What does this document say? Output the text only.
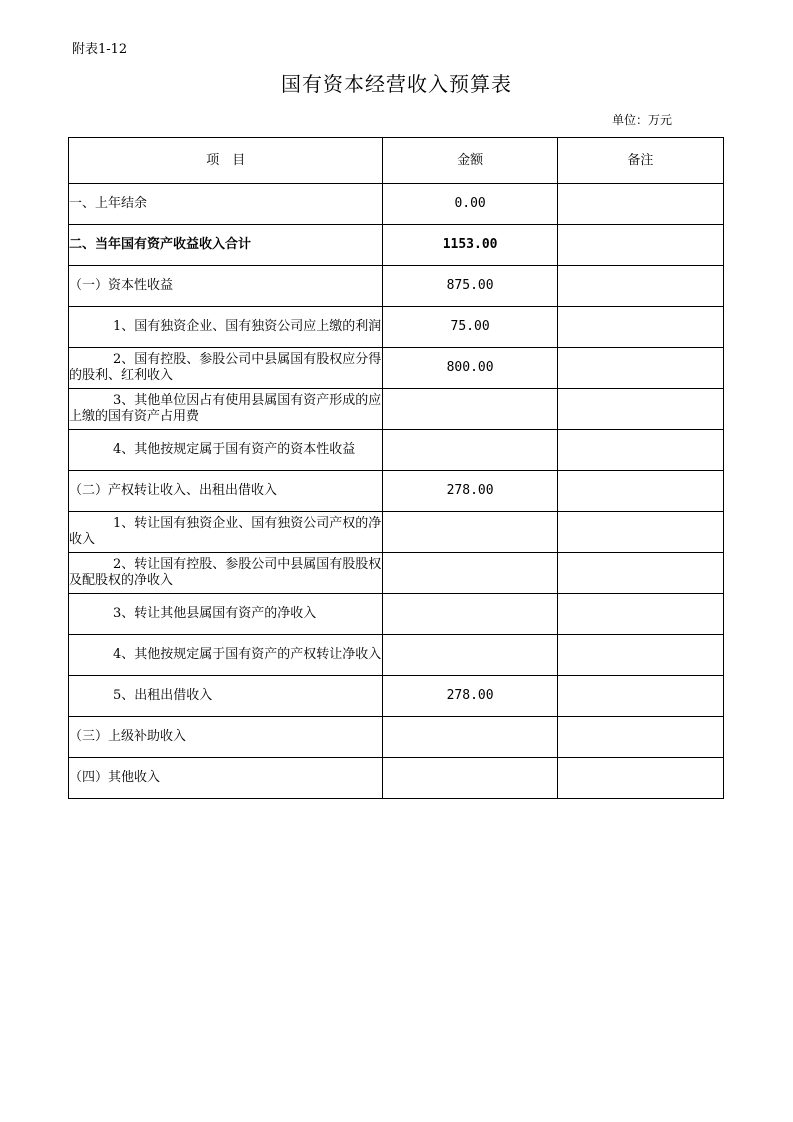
附表1-12
国有资本经营收入预算表
单位：万元
项　目	金额	备注

一、上年结余	0.00	

二、当年国有资产收益收入合计	1153.00	

（一）资本性收益	875.00	

1、国有独资企业、国有独资公司应上缴的利润	75.00	

2、国有控股、参股公司中县属国有股权应分得的股利、红利收入	800.00	

3、其他单位因占有使用县属国有资产形成的应上缴的国有资产占用费		

4、其他按规定属于国有资产的资本性收益		

（二）产权转让收入、出租出借收入	278.00	

1、转让国有独资企业、国有独资公司产权的净收入		

2、转让国有控股、参股公司中县属国有股股权及配股权的净收入		

3、转让其他县属国有资产的净收入		

4、其他按规定属于国有资产的产权转让净收入		

5、出租出借收入	278.00	

（三）上级补助收入		

（四）其他收入		
